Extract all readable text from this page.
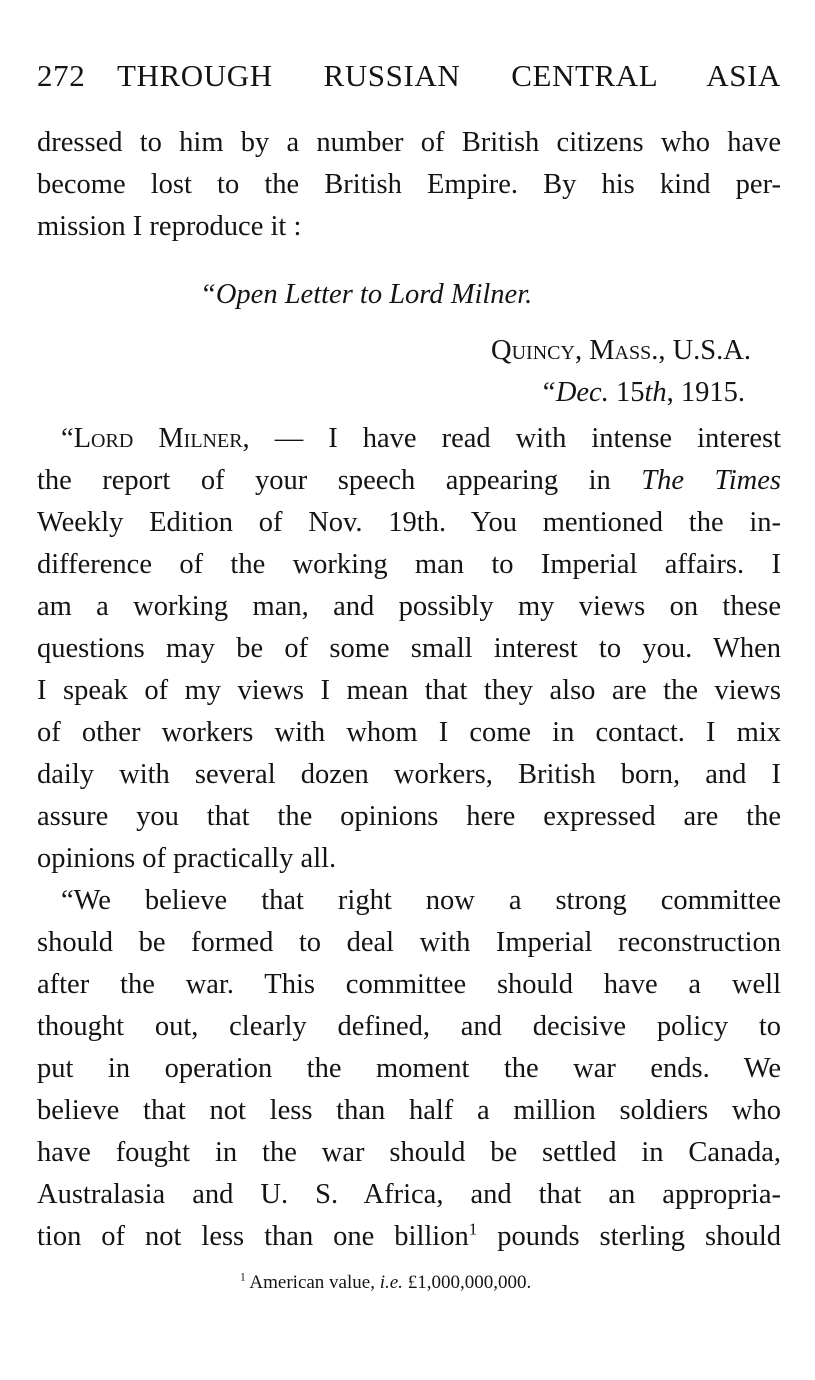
272 THROUGH RUSSIAN CENTRAL ASIA
dressed to him by a number of British citizens who have
become lost to the British Empire. By his kind per-
mission I reproduce it :
“Open Letter to Lord Milner.
Quincy, Mass., U.S.A.
“Dec. 15th, 1915.
“Lord Milner, — I have read with intense interest
the report of your speech appearing in The Times
Weekly Edition of Nov. 19th. You mentioned the in-
difference of the working man to Imperial affairs. I
am a working man, and possibly my views on these
questions may be of some small interest to you. When
I speak of my views I mean that they also are the views
of other workers with whom I come in contact. I mix
daily with several dozen workers, British born, and I
assure you that the opinions here expressed are the
opinions of practically all.
“We believe that right now a strong committee
should be formed to deal with Imperial reconstruction
after the war. This committee should have a well
thought out, clearly defined, and decisive policy to
put in operation the moment the war ends. We
believe that not less than half a million soldiers who
have fought in the war should be settled in Canada,
Australasia and U. S. Africa, and that an appropria-
tion of not less than one billion$^1$ pounds sterling should
$^1$ American value, i.e. £1,000,000,000.
